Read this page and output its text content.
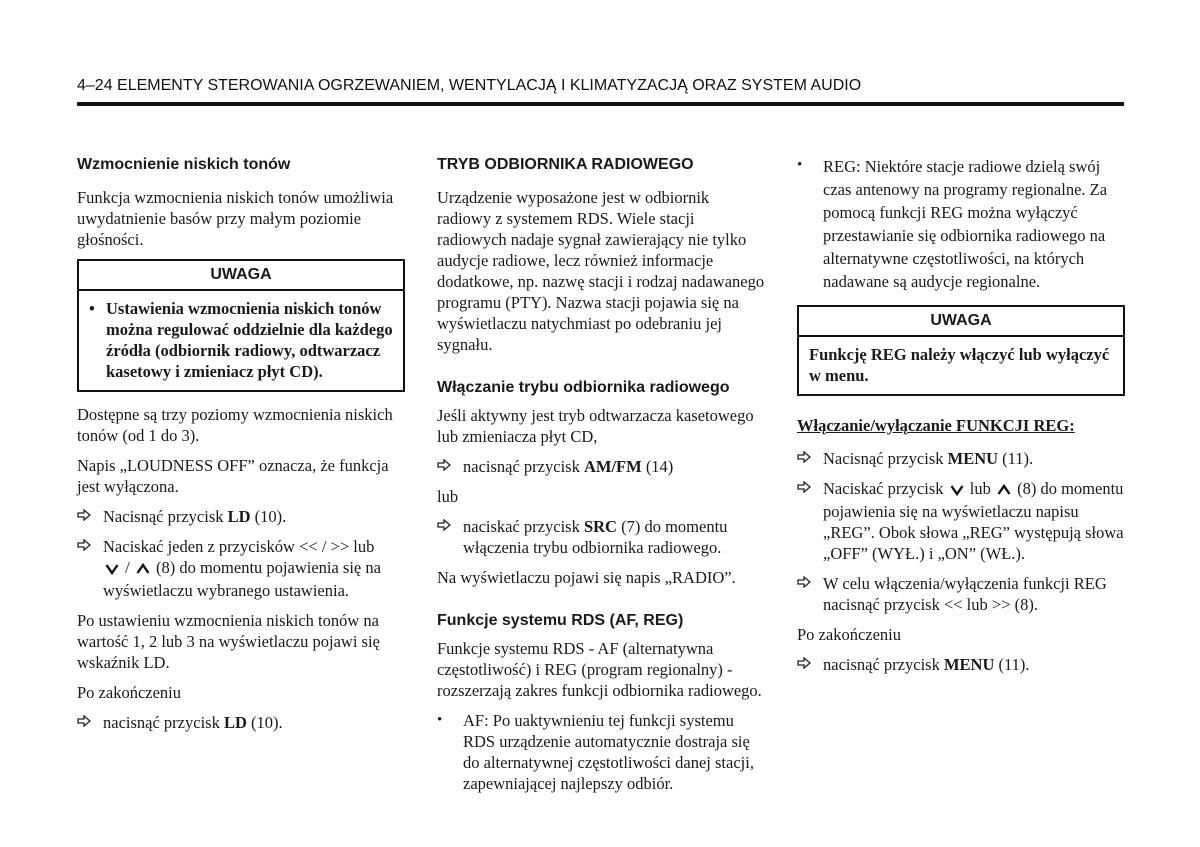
4–24 ELEMENTY STEROWANIA OGRZEWANIEM, WENTYLACJĄ I KLIMATYZACJĄ ORAZ SYSTEM AUDIO
Wzmocnienie niskich tonów

Funkcja wzmocnienia niskich tonów umożliwia uwydatnienie basów przy małym poziomie głośności.

UWAGA
• Ustawienia wzmocnienia niskich tonów można regulować oddzielnie dla każdego źródła (odbiornik radiowy, odtwarzacz kasetowy i zmieniacz płyt CD).

Dostępne są trzy poziomy wzmocnienia niskich tonów (od 1 do 3).

Napis „LOUDNESS OFF” oznacza, że funkcja jest wyłączona.

Nacisnąć przycisk LD (10).
Naciskać jeden z przycisków << / >> lub
/  (8) do momentu pojawienia się na wyświetlaczu wybranego ustawienia.

Po ustawieniu wzmocnienia niskich tonów na wartość 1, 2 lub 3 na wyświetlaczu pojawi się wskaźnik LD.

Po zakończeniu

nacisnąć przycisk LD (10).
TRYB ODBIORNIKA RADIOWEGO

Urządzenie wyposażone jest w odbiornik radiowy z systemem RDS. Wiele stacji radiowych nadaje sygnał zawierający nie tylko audycje radiowe, lecz również informacje dodatkowe, np. nazwę stacji i rodzaj nadawanego programu (PTY). Nazwa stacji pojawia się na wyświetlaczu natychmiast po odebraniu jej sygnału.

Włączanie trybu odbiornika radiowego

Jeśli aktywny jest tryb odtwarzacza kasetowego lub zmieniacza płyt CD,

nacisnąć przycisk AM/FM (14)

lub

naciskać przycisk SRC (7) do momentu włączenia trybu odbiornika radiowego.

Na wyświetlaczu pojawi się napis „RADIO”.

Funkcje systemu RDS (AF, REG)

Funkcje systemu RDS - AF (alternatywna częstotliwość) i REG (program regionalny) - rozszerzają zakres funkcji odbiornika radiowego.

•	AF: Po uaktywnieniu tej funkcji systemu RDS urządzenie automatycznie dostraja się do alternatywnej częstotliwości danej stacji, zapewniającej najlepszy odbiór.
•	REG: Niektóre stacje radiowe dzielą swój czas antenowy na programy regionalne. Za pomocą funkcji REG można wyłączyć przestawianie się odbiornika radiowego na alternatywne częstotliwości, na których nadawane są audycje regionalne.
UWAGA
Funkcję REG należy włączyć lub wyłączyć w menu.
Włączanie/wyłączanie FUNKCJI REG:
Nacisnąć przycisk MENU (11).
Naciskać przycisk  lub  (8) do momentu pojawienia się na wyświetlaczu napisu „REG”. Obok słowa „REG” występują słowa „OFF” (WYŁ.) i „ON” (WŁ.).
W celu włączenia/wyłączenia funkcji REG nacisnąć przycisk << lub >> (8).

Po zakończeniu

nacisnąć przycisk MENU (11).
